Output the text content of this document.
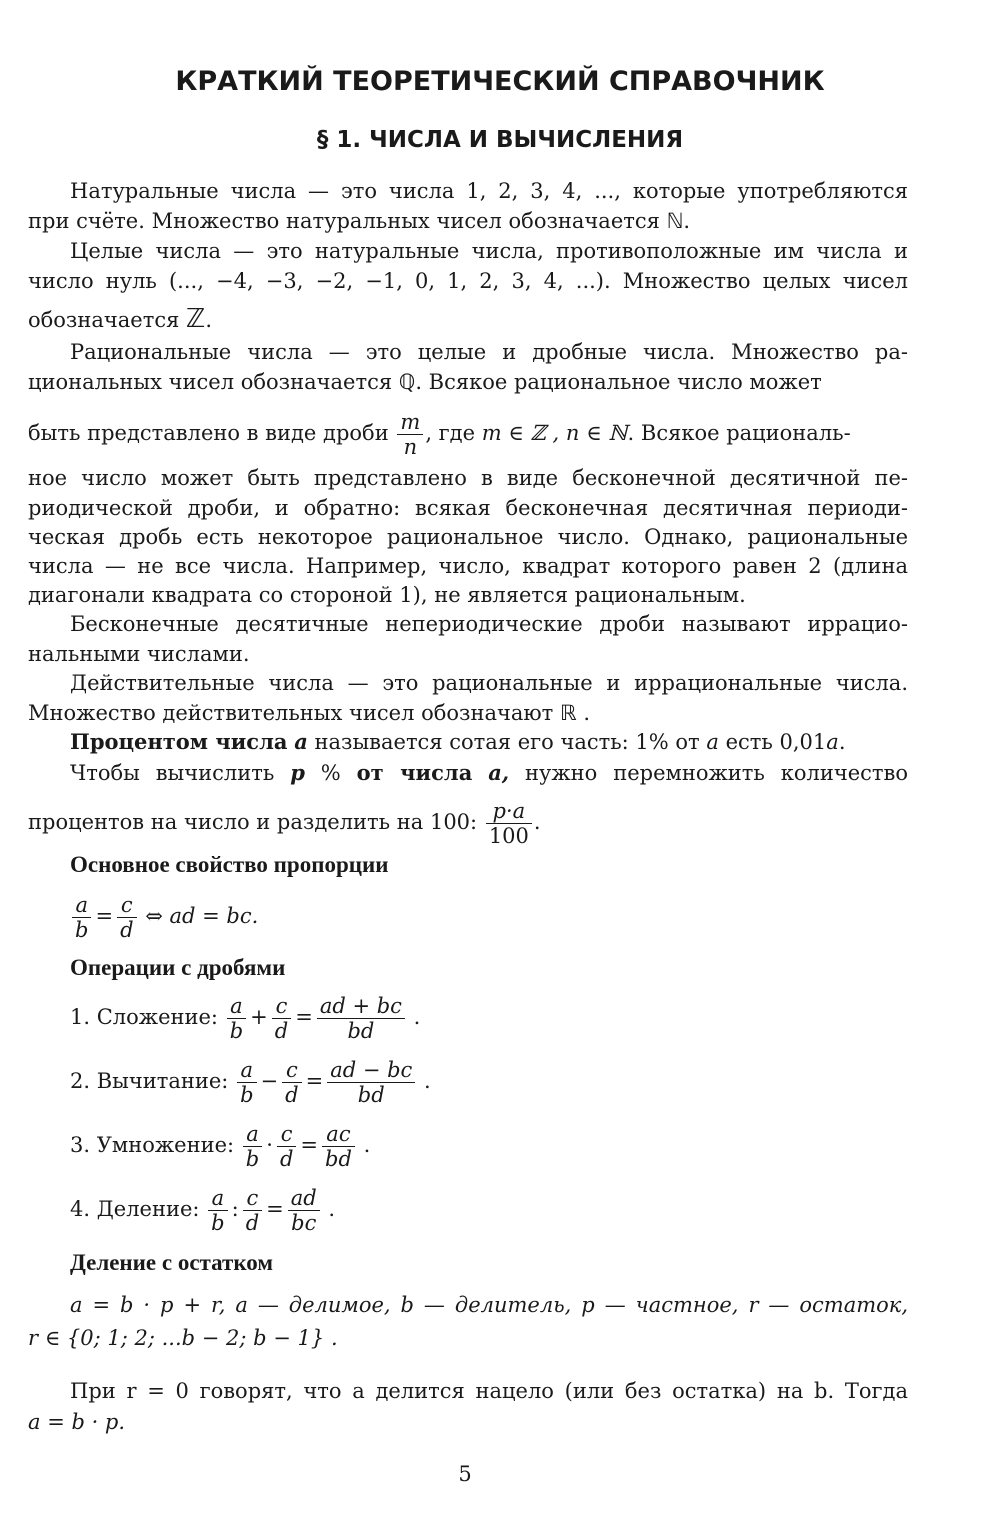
КРАТКИЙ ТЕОРЕТИЧЕСКИЙ СПРАВОЧНИК
§ 1. ЧИСЛА И ВЫЧИСЛЕНИЯ
Натуральные числа — это числа 1, 2, 3, 4, ..., которые употребляются
при счёте. Множество натуральных чисел обозначается ℕ.
Целые числа — это натуральные числа, противоположные им числа и
число нуль (..., −4, −3, −2, −1, 0, 1, 2, 3, 4, ...). Множество целых чисел
обозначается ℤ.
Рациональные числа — это целые и дробные числа. Множество ра-
циональных чисел обозначается ℚ. Всякое рациональное число может
быть представлено в виде дроби $\frac{m}{n}$ , где m ∈ ℤ , n ∈ ℕ. Всякое рациональ-
ное число может быть представлено в виде бесконечной десятичной пе-
риодической дроби, и обратно: всякая бесконечная десятичная периоди-
ческая дробь есть некоторое рациональное число. Однако, рациональные
числа — не все числа. Например, число, квадрат которого равен 2 (длина
диагонали квадрата со стороной 1), не является рациональным.
Бесконечные десятичные непериодические дроби называют иррацио-
нальными числами.
Действительные числа — это рациональные и иррациональные числа.
Множество действительных чисел обозначают ℝ .
Процентом числа a называется сотая его часть: 1% от a есть 0,01a.
Чтобы вычислить p % от числа a, нужно перемножить количество
процентов на число и разделить на 100: $\frac{p\cdot a}{100}$ .
Основное свойство пропорции
$\frac{a}{b} = \frac{c}{d}$ ⇔ ad = bc.
Операции с дробями
1. Сложение: $\frac{a}{b} + \frac{c}{d} = \frac{ad + bc}{bd}$ .
2. Вычитание: $\frac{a}{b} - \frac{c}{d} = \frac{ad - bc}{bd}$ .
3. Умножение: $\frac{a}{b} \cdot \frac{c}{d} = \frac{ac}{bd}$ .
4. Деление: $\frac{a}{b}$ : $\frac{c}{d} = \frac{ad}{bc}$ .
Деление с остатком
a = b · p + r, a — делимое, b — делитель, p — частное, r — остаток,
r ∈ {0; 1; 2; ...b − 2; b − 1} .
При r = 0 говорят, что a делится нацело (или без остатка) на b. Тогда
a = b · p.
5
